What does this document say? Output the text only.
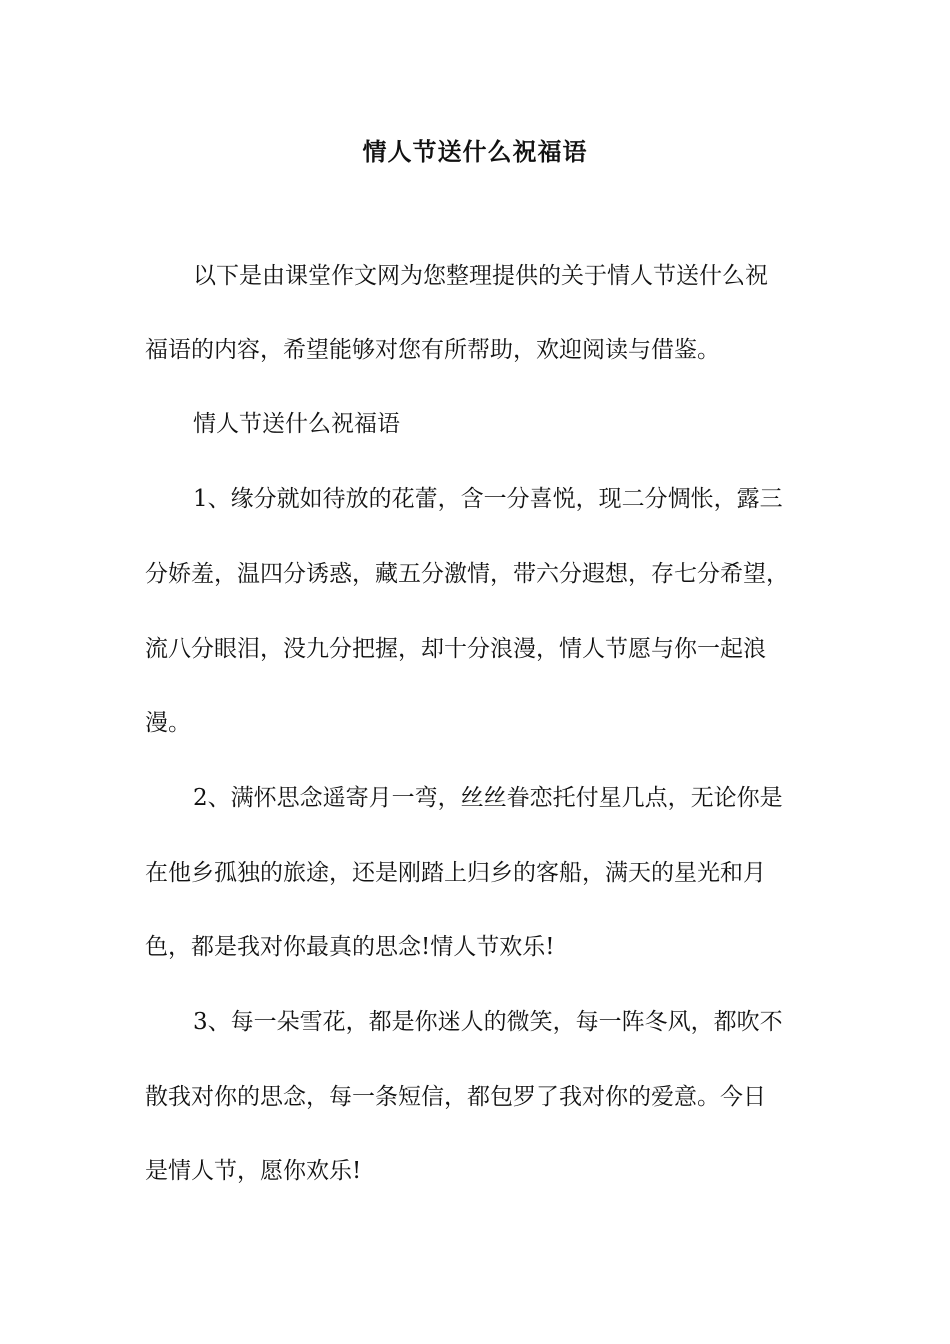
情人节送什么祝福语
以下是由课堂作文网为您整理提供的关于情人节送什么祝
福语的内容，希望能够对您有所帮助，欢迎阅读与借鉴。
情人节送什么祝福语
1、缘分就如待放的花蕾，含一分喜悦，现二分惆怅，露三
分娇羞，温四分诱惑，藏五分激情，带六分遐想，存七分希望，
流八分眼泪，没九分把握，却十分浪漫，情人节愿与你一起浪
漫。
2、满怀思念遥寄月一弯，丝丝眷恋托付星几点，无论你是
在他乡孤独的旅途，还是刚踏上归乡的客船，满天的星光和月
色，都是我对你最真的思念!情人节欢乐!
3、每一朵雪花，都是你迷人的微笑，每一阵冬风，都吹不
散我对你的思念，每一条短信，都包罗了我对你的爱意。今日
是情人节，愿你欢乐!
